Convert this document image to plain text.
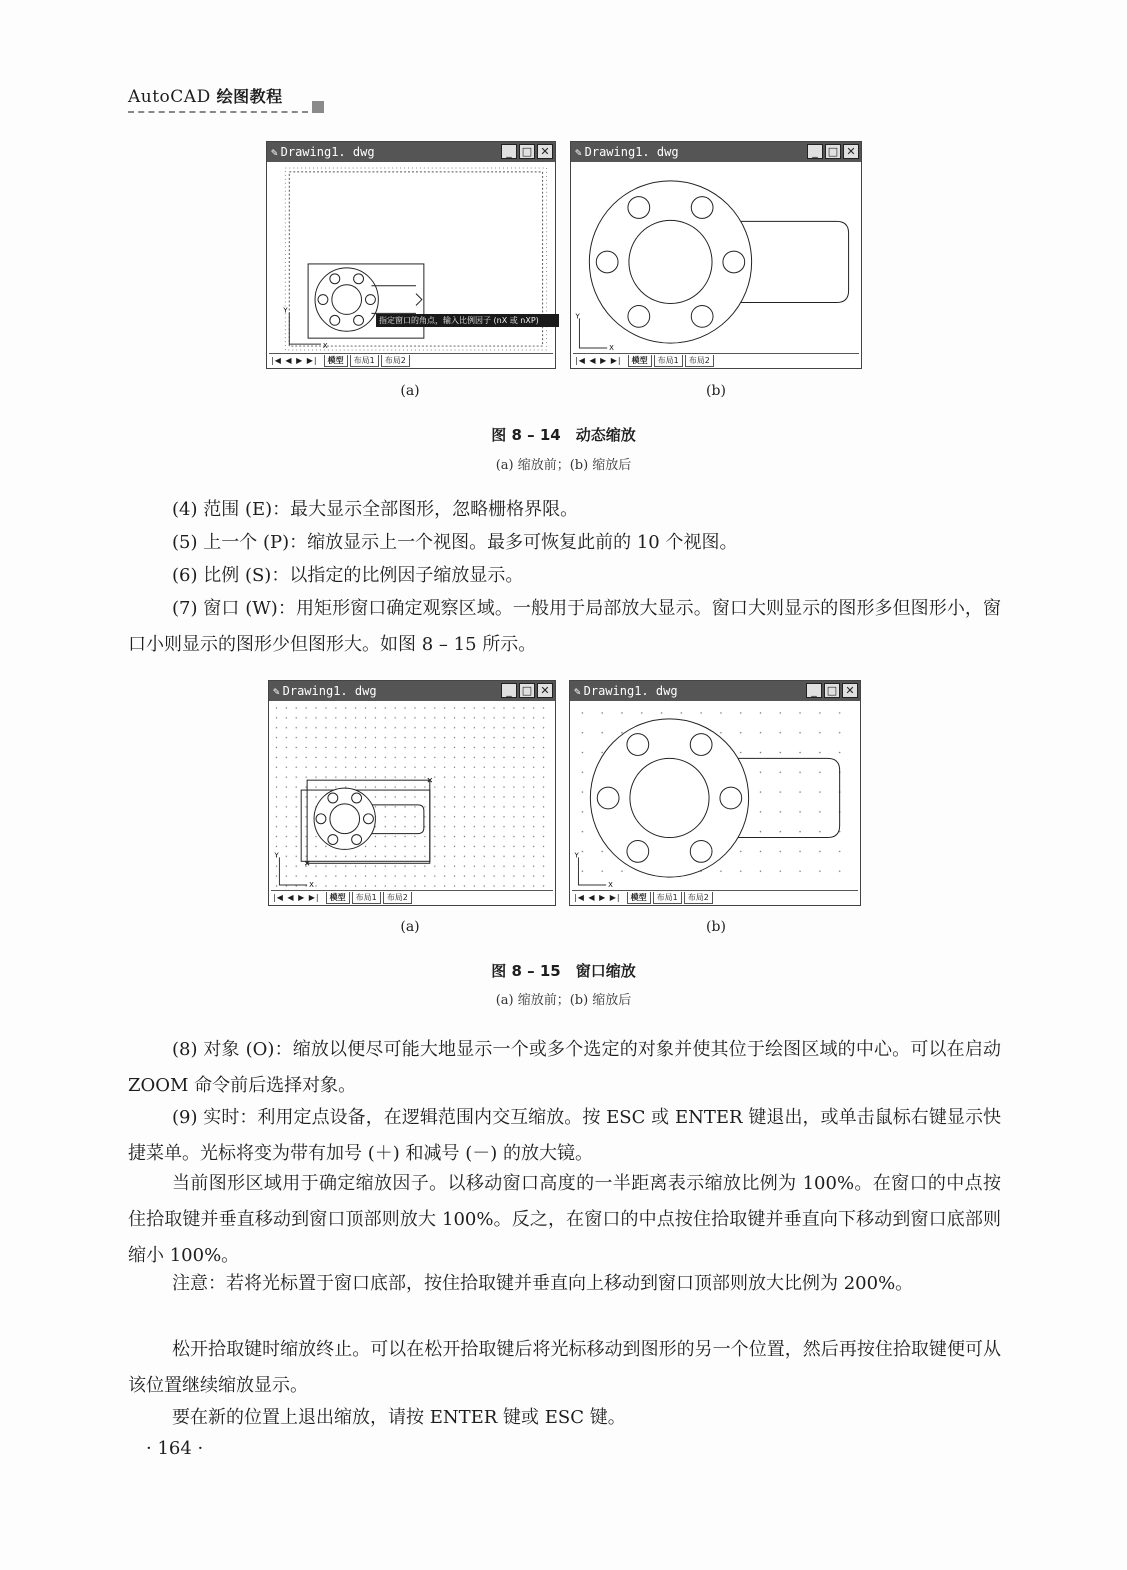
AutoCAD 绘图教程
✎ Drawing1. dwg	_ □ ✕
Y
X
指定窗口的角点，输入比例因子 (nX 或 nXP)
|◀ ◀ ▶ ▶|	模型	布局1	布局2
✎ Drawing1. dwg	_ □ ✕
Y
X
|◀ ◀ ▶ ▶|	模型	布局1	布局2
(a)	(b)
图 8 – 14　动态缩放
(a) 缩放前；(b) 缩放后
(4) 范围 (E)：最大显示全部图形，忽略栅格界限。
(5) 上一个 (P)：缩放显示上一个视图。最多可恢复此前的 10 个视图。
(6) 比例 (S)：以指定的比例因子缩放显示。
(7) 窗口 (W)：用矩形窗口确定观察区域。一般用于局部放大显示。窗口大则显示的图形多但图形小，窗口小则显示的图形少但图形大。如图 8 – 15 所示。
✎ Drawing1. dwg	_ □ ✕
Y
X
|◀ ◀ ▶ ▶|	模型	布局1	布局2
✎ Drawing1. dwg	_ □ ✕
Y
X
|◀ ◀ ▶ ▶|	模型	布局1	布局2
(a)	(b)
图 8 – 15　窗口缩放
(a) 缩放前；(b) 缩放后
(8) 对象 (O)：缩放以便尽可能大地显示一个或多个选定的对象并使其位于绘图区域的中心。可以在启动 ZOOM 命令前后选择对象。
(9) 实时：利用定点设备，在逻辑范围内交互缩放。按 ESC 或 ENTER 键退出，或单击鼠标右键显示快捷菜单。光标将变为带有加号 (＋) 和减号 (－) 的放大镜。
当前图形区域用于确定缩放因子。以移动窗口高度的一半距离表示缩放比例为 100%。在窗口的中点按住拾取键并垂直移动到窗口顶部则放大 100%。反之，在窗口的中点按住拾取键并垂直向下移动到窗口底部则缩小 100%。
注意：若将光标置于窗口底部，按住拾取键并垂直向上移动到窗口顶部则放大比例为 200%。
松开拾取键时缩放终止。可以在松开拾取键后将光标移动到图形的另一个位置，然后再按住拾取键便可从该位置继续缩放显示。
要在新的位置上退出缩放，请按 ENTER 键或 ESC 键。
· 164 ·
